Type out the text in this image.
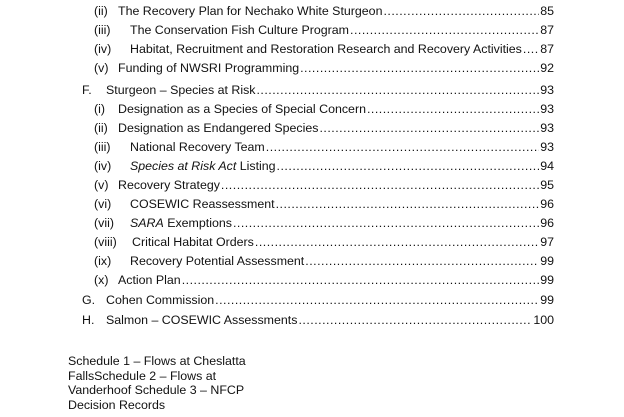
(ii) The Recovery Plan for Nechako White Sturgeon .....	85
(iii)	The Conservation Fish Culture Program .....	87
(iv)	Habitat, Recruitment and Restoration Research and Recovery Activities ..... 87
(v) Funding of NWSRI Programming .....	92
F.	Sturgeon – Species at Risk .....	93
(i)	Designation as a Species of Special Concern .....	93
(ii) Designation as Endangered Species .....	93
(iii)	National Recovery Team .....	93
(iv)	Species at Risk Act Listing .....	94
(v) Recovery Strategy .....	95
(vi)	COSEWIC Reassessment .....	96
(vii)	SARA Exemptions .....	96
(viii)	Critical Habitat Orders .....	97
(ix)	Recovery Potential Assessment .....	99
(x) Action Plan .....	99
G. Cohen Commission .....	99
H. Salmon – COSEWIC Assessments .....	100
Schedule 1 – Flows at Cheslatta
FallsSchedule 2 – Flows at
Vanderhoof Schedule 3 – NFCP
Decision Records
